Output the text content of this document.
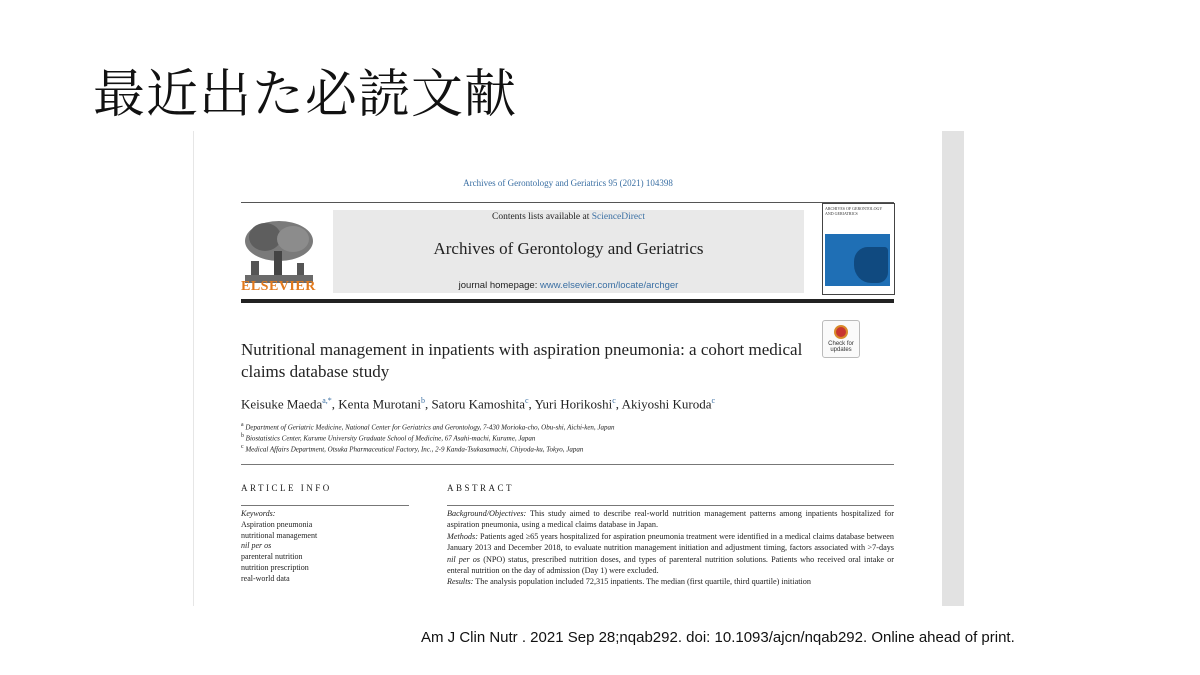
最近出た必読文献
Archives of Gerontology and Geriatrics 95 (2021) 104398
ELSEVIER
Contents lists available at ScienceDirect
Archives of Gerontology and Geriatrics
journal homepage: www.elsevier.com/locate/archger
ARCHIVES OF GERONTOLOGY AND GERIATRICS
Nutritional management in inpatients with aspiration pneumonia: a cohort medical claims database study
Check for updates
Keisuke Maeda$^{a,*}$, Kenta Murotani$^b$, Satoru Kamoshita$^c$, Yuri Horikoshi$^c$, Akiyoshi Kuroda$^c$
$^a$ Department of Geriatric Medicine, National Center for Geriatrics and Gerontology, 7-430 Morioka-cho, Obu-shi, Aichi-ken, Japan
$^b$ Biostatistics Center, Kurume University Graduate School of Medicine, 67 Asahi-machi, Kurume, Japan
$^c$ Medical Affairs Department, Otsuka Pharmaceutical Factory, Inc., 2-9 Kanda-Tsukasamachi, Chiyoda-ku, Tokyo, Japan
ARTICLE INFO	ABSTRACT
Keywords:
Aspiration pneumonia
nutritional management
nil per os
parenteral nutrition
nutrition prescription
real-world data
Background/Objectives: This study aimed to describe real-world nutrition management patterns among inpatients hospitalized for aspiration pneumonia, using a medical claims database in Japan.
Methods: Patients aged ≥65 years hospitalized for aspiration pneumonia treatment were identified in a medical claims database between January 2013 and December 2018, to evaluate nutrition management initiation and adjustment timing, factors associated with >7-days nil per os (NPO) status, prescribed nutrition doses, and types of parenteral nutrition solutions. Patients who received oral intake or enteral nutrition on the day of admission (Day 1) were excluded.
Results: The analysis population included 72,315 inpatients. The median (first quartile, third quartile) initiation
Am J Clin Nutr . 2021 Sep 28;nqab292. doi: 10.1093/ajcn/nqab292. Online ahead of print.
